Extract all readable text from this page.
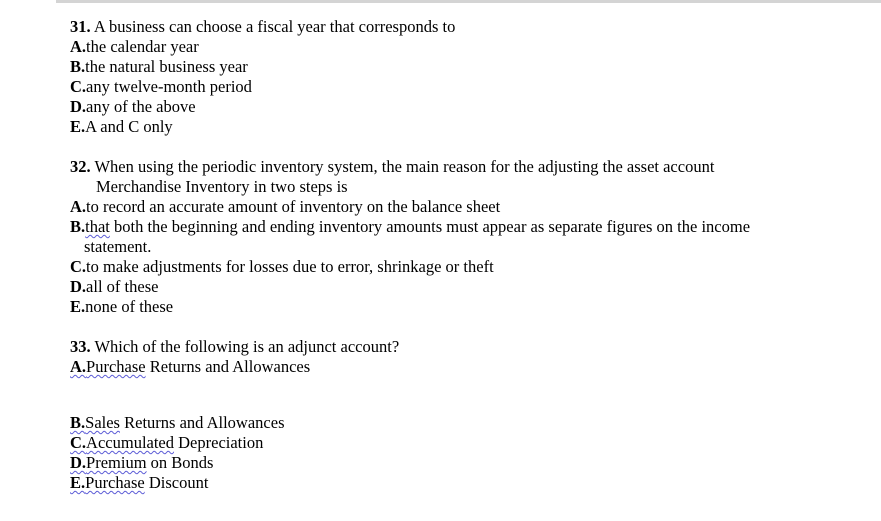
31. A business can choose a fiscal year that corresponds to
A.the calendar year
B.the natural business year
C.any twelve-month period
D.any of the above
E.A and C only
32. When using the periodic inventory system, the main reason for the adjusting the asset account
Merchandise Inventory in two steps is
A.to record an accurate amount of inventory on the balance sheet
B.that both the beginning and ending inventory amounts must appear as separate figures on the income
statement.
C.to make adjustments for losses due to error, shrinkage or theft
D.all of these
E.none of these
33. Which of the following is an adjunct account?
A.Purchase Returns and Allowances
B.Sales Returns and Allowances
C.Accumulated Depreciation
D.Premium on Bonds
E.Purchase Discount
